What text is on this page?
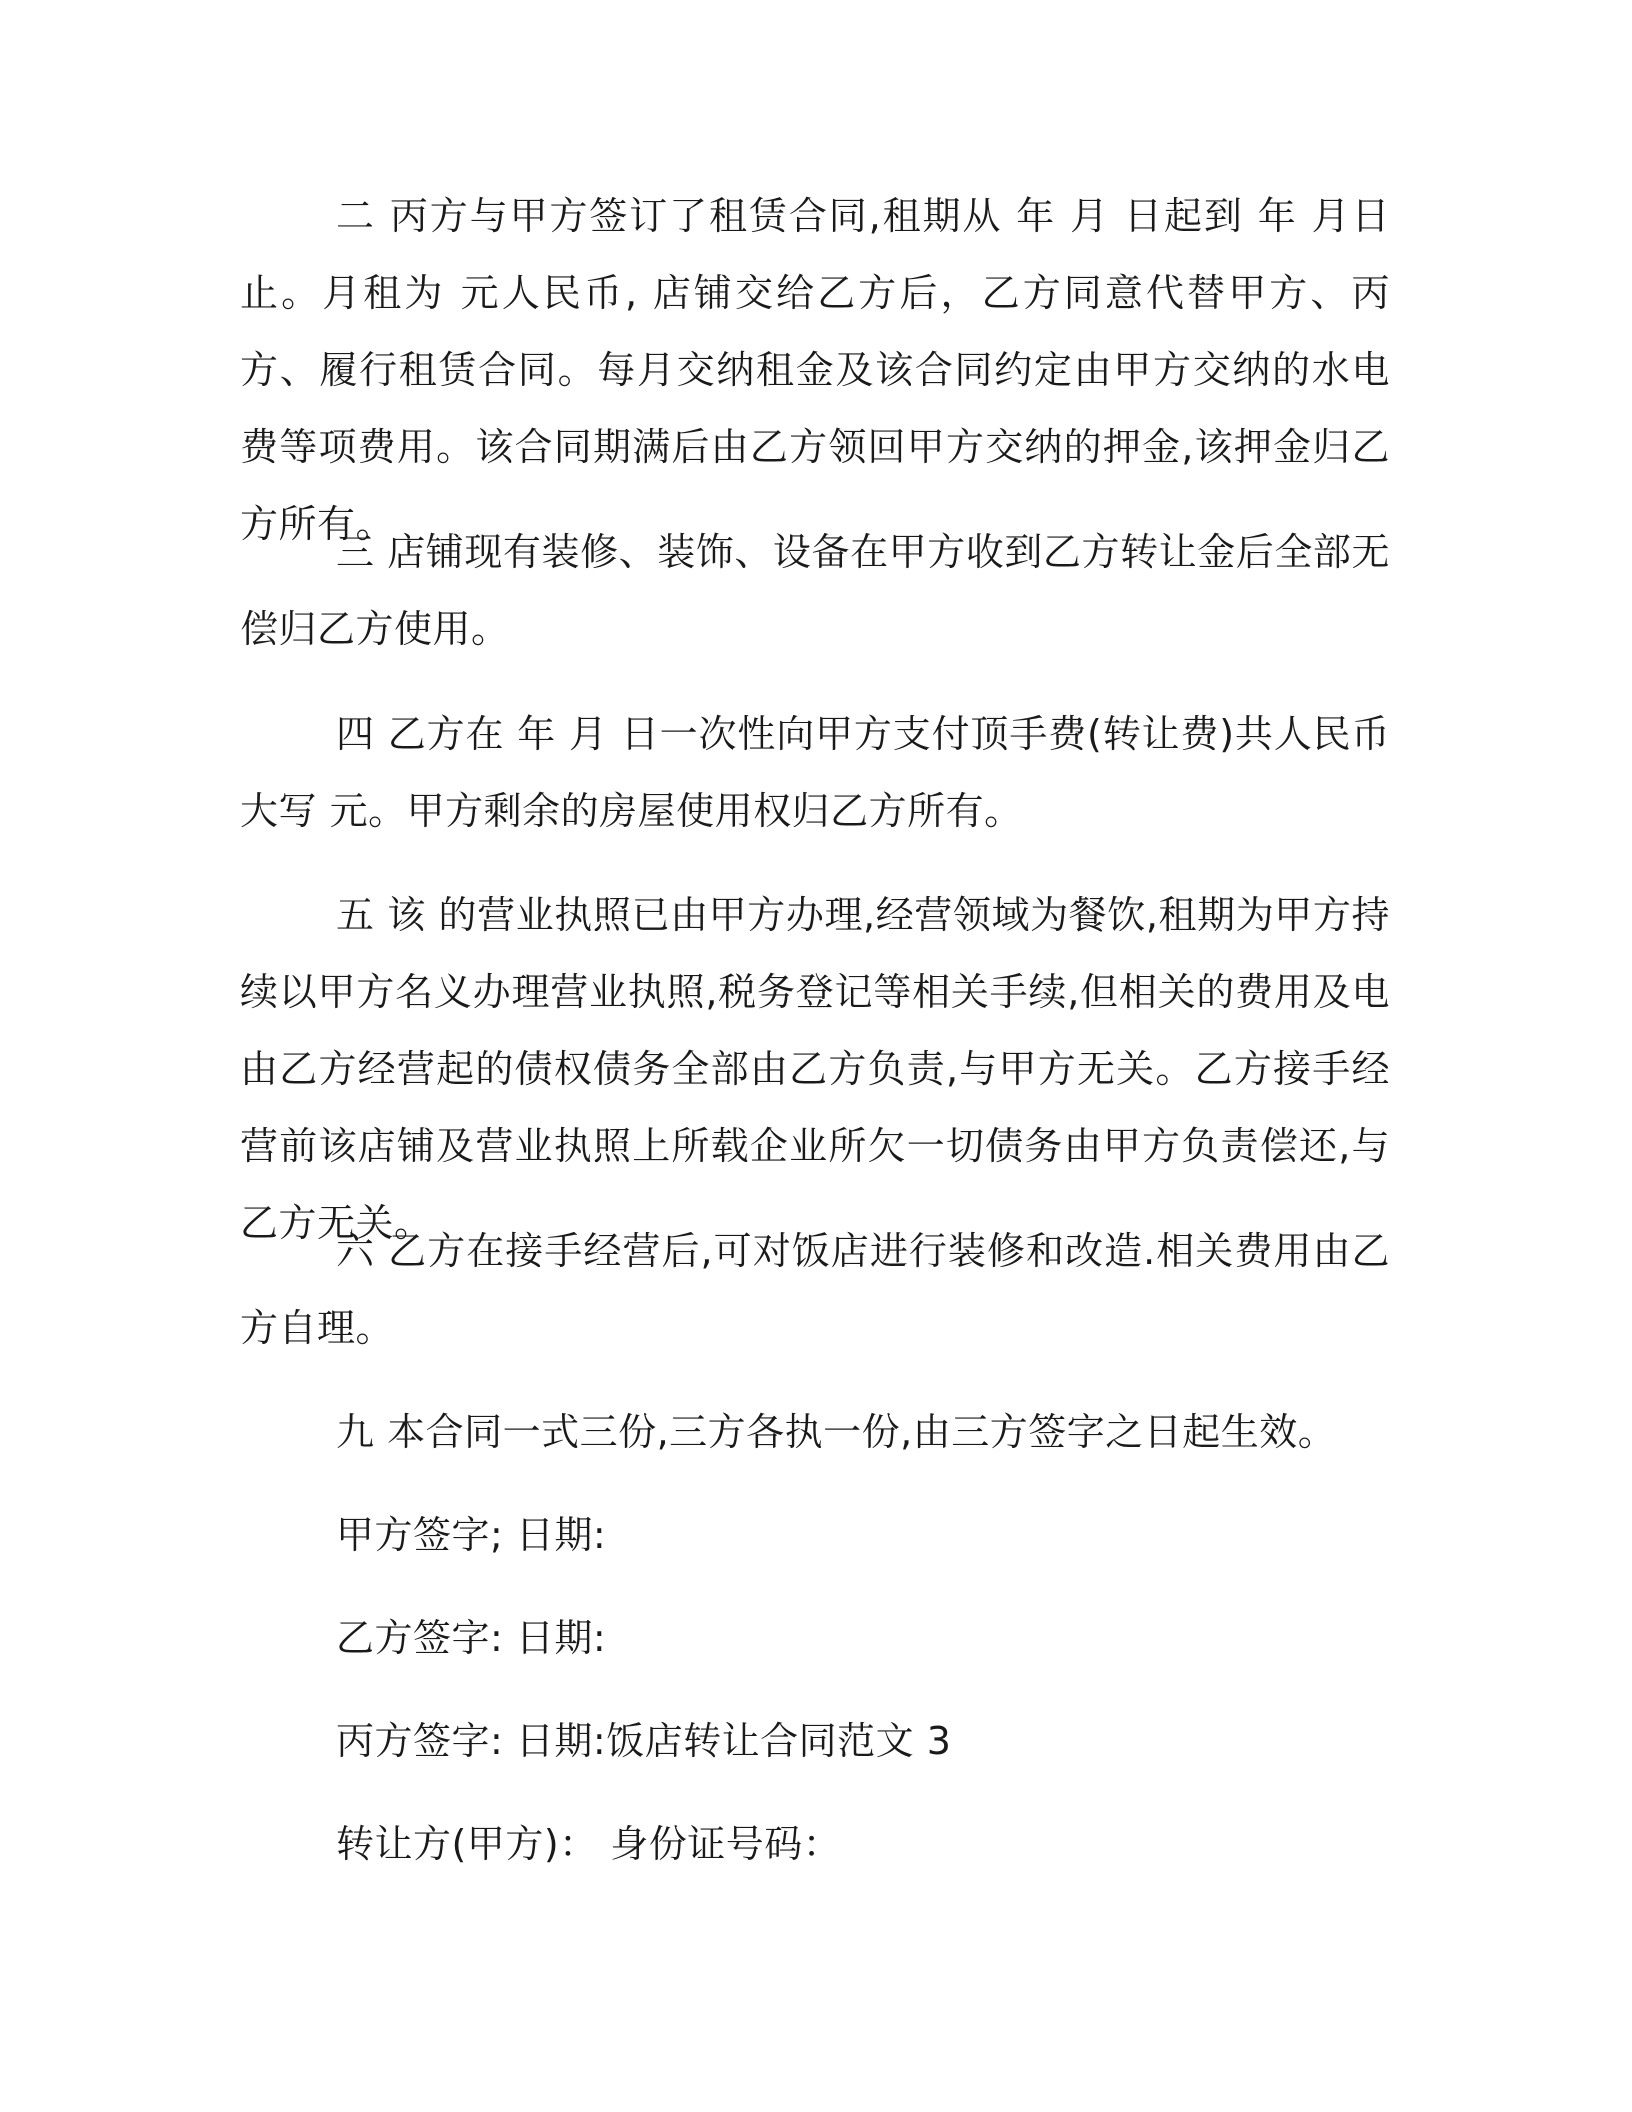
二 丙方与甲方签订了租赁合同,租期从 年 月 日起到 年 月日止。月租为 元人民币, 店铺交给乙方后，乙方同意代替甲方、丙方、履行租赁合同。每月交纳租金及该合同约定由甲方交纳的水电费等项费用。该合同期满后由乙方领回甲方交纳的押金,该押金归乙方所有。

三 店铺现有装修、装饰、设备在甲方收到乙方转让金后全部无偿归乙方使用。

四 乙方在 年 月 日一次性向甲方支付顶手费(转让费)共人民币大写 元。甲方剩余的房屋使用权归乙方所有。

五 该 的营业执照已由甲方办理,经营领域为餐饮,租期为甲方持续以甲方名义办理营业执照,税务登记等相关手续,但相关的费用及电由乙方经营起的债权债务全部由乙方负责,与甲方无关。乙方接手经营前该店铺及营业执照上所载企业所欠一切债务由甲方负责偿还,与乙方无关。

六 乙方在接手经营后,可对饭店进行装修和改造.相关费用由乙方自理。

九 本合同一式三份,三方各执一份,由三方签字之日起生效。

甲方签字; 日期:

乙方签字: 日期:

丙方签字: 日期:饭店转让合同范文 3

转让方(甲方)： 身份证号码：
